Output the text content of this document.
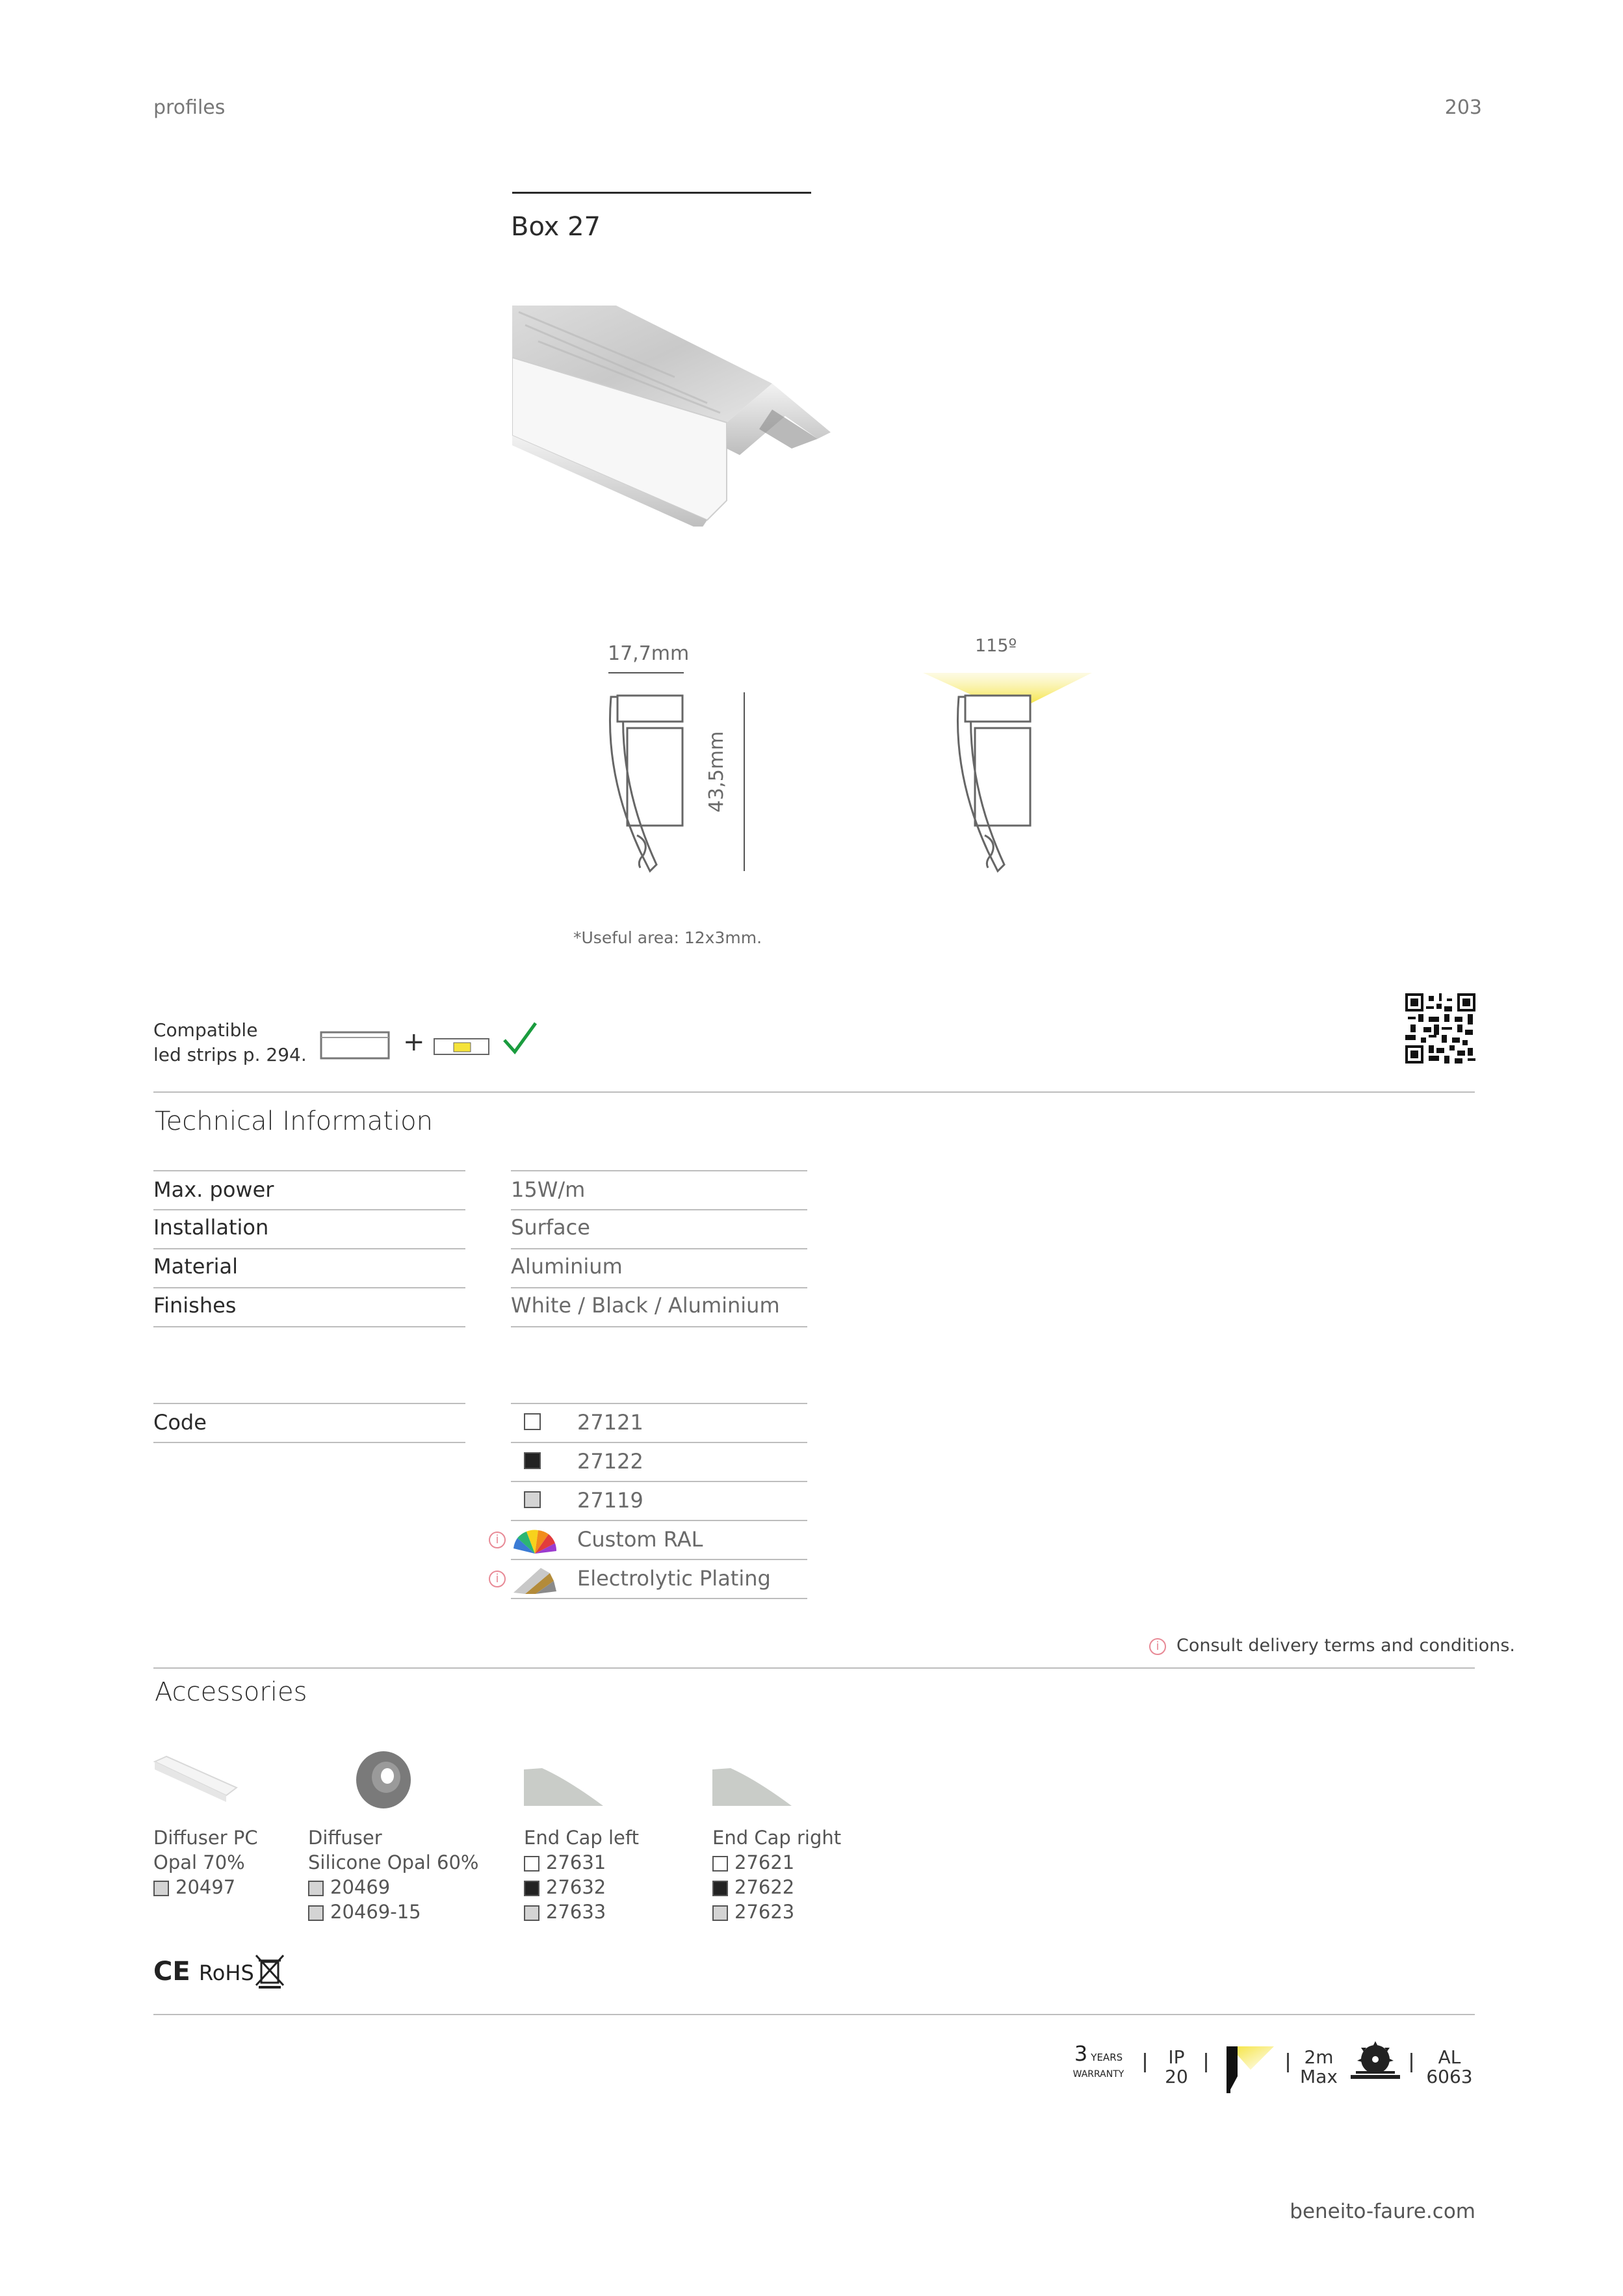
profiles	203
Box 27
17,7mm
43,5mm
115º
*Useful area: 12x3mm.
Compatible
led strips p. 294.	+
Technical Information
Max. power	15W/m
Installation	Surface
Material	Aluminium
Finishes	White / Black / Aluminium
Code	27121
27122
27119
i	Custom RAL
i	Electrolytic Plating
i Consult delivery terms and conditions.
Accessories
Diffuser PC
Opal 70%
20497
Diffuser
Silicone Opal 60%
20469
20469-15
End Cap left
27631
27632
27633
End Cap right
27621
27622
27623
CE RoHS
3 YEARS
WARRANTY
IP
20
2m
Max
AL
6063
beneito-faure.com
